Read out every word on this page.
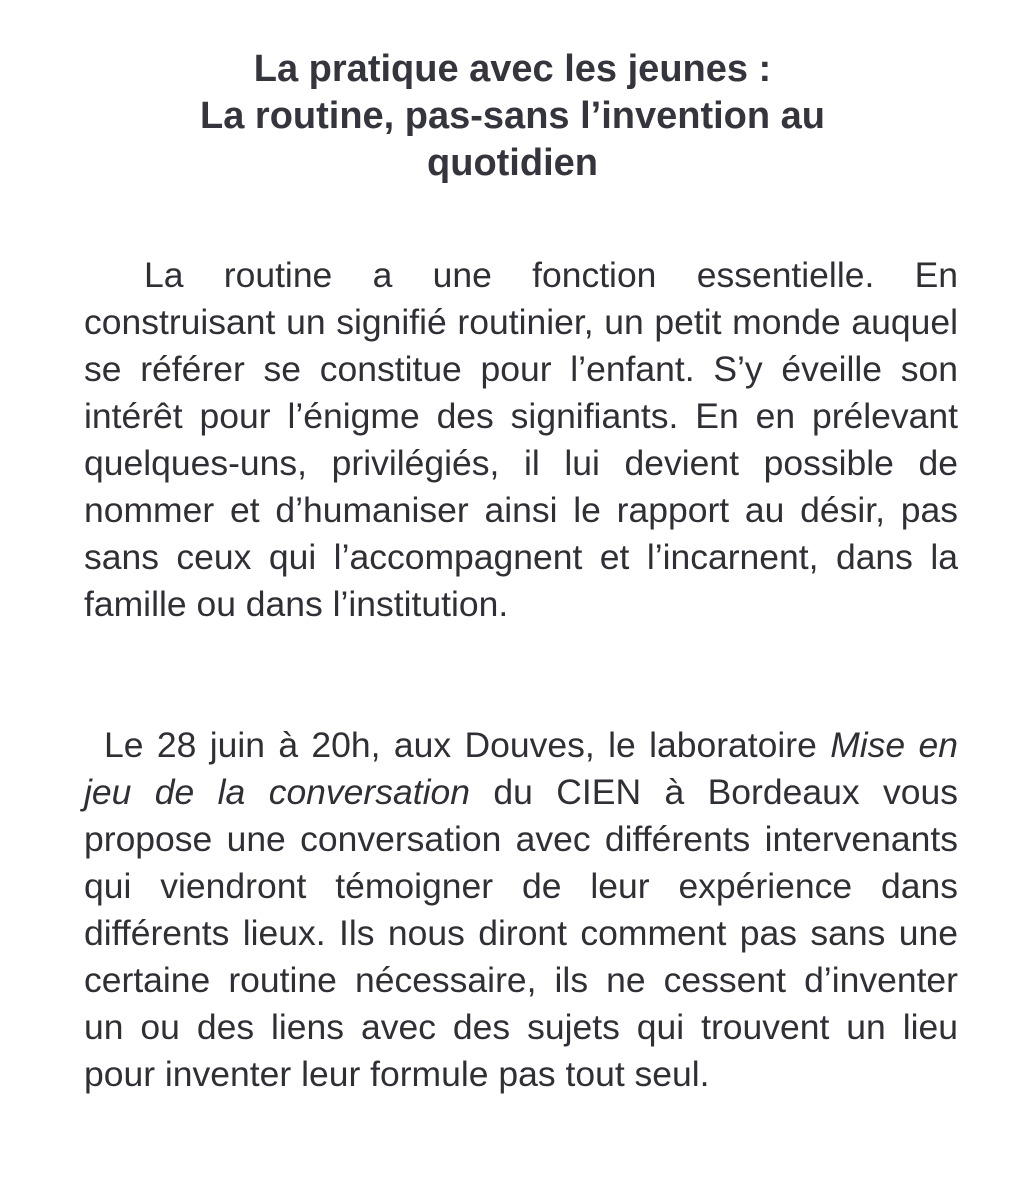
La pratique avec les jeunes :
La routine, pas-sans l’invention au
quotidien

La routine a une fonction essentielle. En construisant un signifié routinier, un petit monde auquel se référer se constitue pour l’enfant. S’y éveille son intérêt pour l’énigme des signifiants. En en prélevant quelques-uns, privilégiés, il lui devient possible de nommer et d’humaniser ainsi le rapport au désir, pas sans ceux qui l’accompagnent et l’incarnent, dans la famille ou dans l’institution.

Le 28 juin à 20h, aux Douves, le laboratoire Mise en jeu de la conversation du CIEN à Bordeaux vous propose une conversation avec différents intervenants qui viendront témoigner de leur expérience dans différents lieux. Ils nous diront comment pas sans une certaine routine nécessaire, ils ne cessent d’inventer un ou des liens avec des sujets qui trouvent un lieu pour inventer leur formule pas tout seul.
